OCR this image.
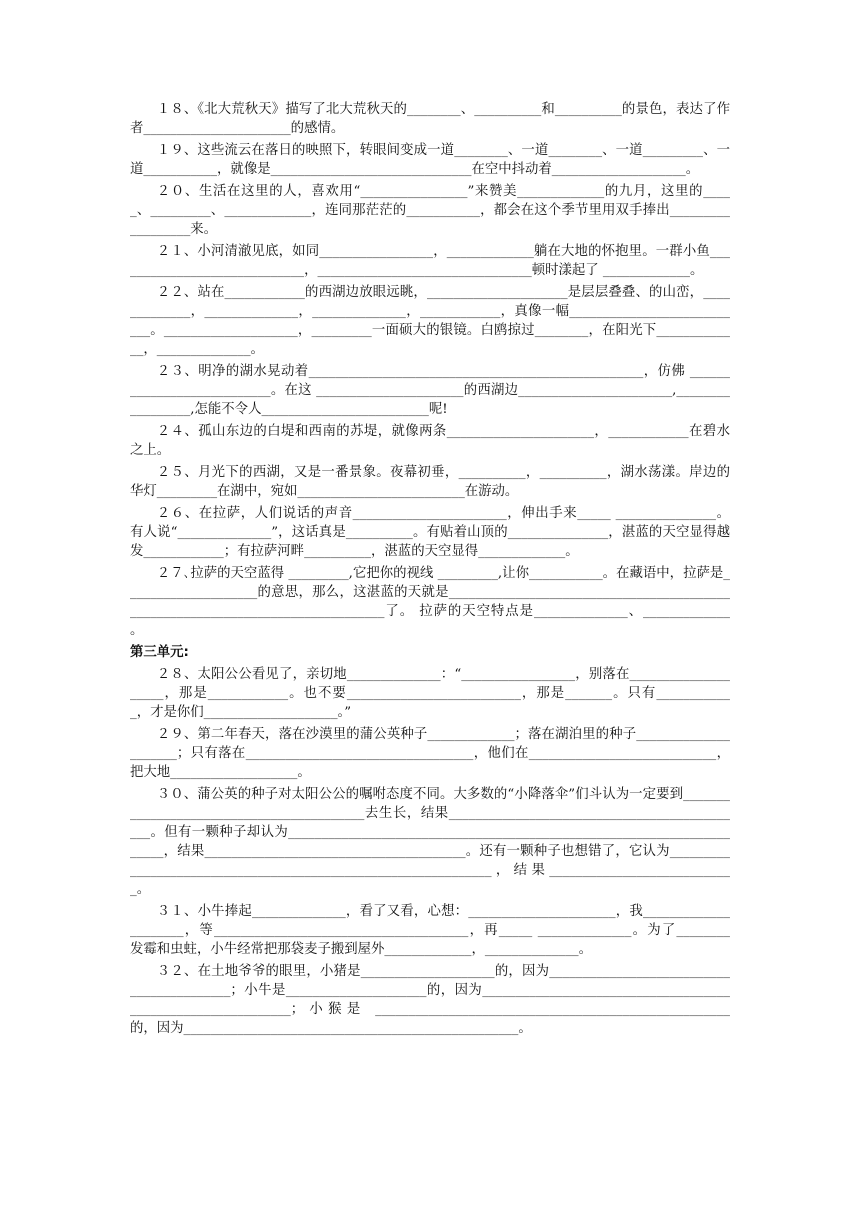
１８、《北大荒秋天》描写了北大荒秋天的________、__________和__________的景色，表达了作者______________________的感情。

１９、这些流云在落日的映照下，转眼间变成一道________、一道________、一道_________、一道___________，就像是______________________________在空中抖动着____________________。

２０、生活在这里的人，喜欢用“________________”来赞美_____________的九月，这里的_____、_________、_____________，连同那茫茫的___________，都会在这个季节里用双手捧出__________________来。

２１、小河清澈见底，如同_________________，_____________躺在大地的怀抱里。一群小鱼_____________________________，________________________________顿时漾起了 _____________。

２２、站在____________的西湖边放眼远眺，_____________________是层层叠叠、的山峦，_____________，______________，______________，____________，真像一幅___________________________。____________________，_________一面硕大的银镜。白鸥掠过________，在阳光下_____________，______________。

２３、明净的湖水晃动着__________________________________________________，仿佛 ___________________________。在这 ______________________的西湖边_______________________,_________________,怎能不令人_________________________呢!

２４、孤山东边的白堤和西南的苏堤，就像两条______________________，____________在碧水之上。

２５、月光下的西湖，又是一番景象。夜幕初垂，__________，__________，湖水荡漾。岸边的华灯_________在湖中，宛如_________________________在游动。

２６、在拉萨，人们说话的声音_______________________，伸出手来_____ _______________。有人说“______________”，这话真是__________。有贴着山顶的_______________，湛蓝的天空显得越发____________；有拉萨河畔__________，湛蓝的天空显得_____________。

２７､拉萨的天空蓝得 _________,它把你的视线 _________,让你___________。在藏语中，拉萨是____________________的意思，那么，这湛蓝的天就是________________________________________________________________________________了。 拉萨的天空特点是______________、_____________ 。

第三单元:

２８、太阳公公看见了，亲切地______________：“_________________，别落在____________________，那是____________。也不要__________________________，那是_______。只有____________，才是你们____________________。”

２９、第二年春天，落在沙漠里的蒲公英种子_____________；落在湖泊里的种子_____________________；只有落在__________________________________，他们在____________________________，把大地___________________。

３０、蒲公英的种子对太阳公公的嘱咐态度不同。大多数的“小降落伞”们斗认为一定要到__________________________________________去生长，结果_____________________________________________。但有一颗种子却认为_______________________________________________________________________，结果_______________________________________。还有一颗种子也想错了，它认为_______________________________________________________________，结果____________________________。

３１、小牛捧起______________，看了又看，心想：______________________，我_____________________，等______________________________________，再_____ ______________。为了________发霉和虫蛀，小牛经常把那袋麦子搬到屋外_____________，______________。

３２、在土地爷爷的眼里，小猪是____________________的，因为__________________________________________；小牛是_____________________的，因为_____________________________________________________________；小猴是 _____________________________________________________的，因为__________________________________________________。
